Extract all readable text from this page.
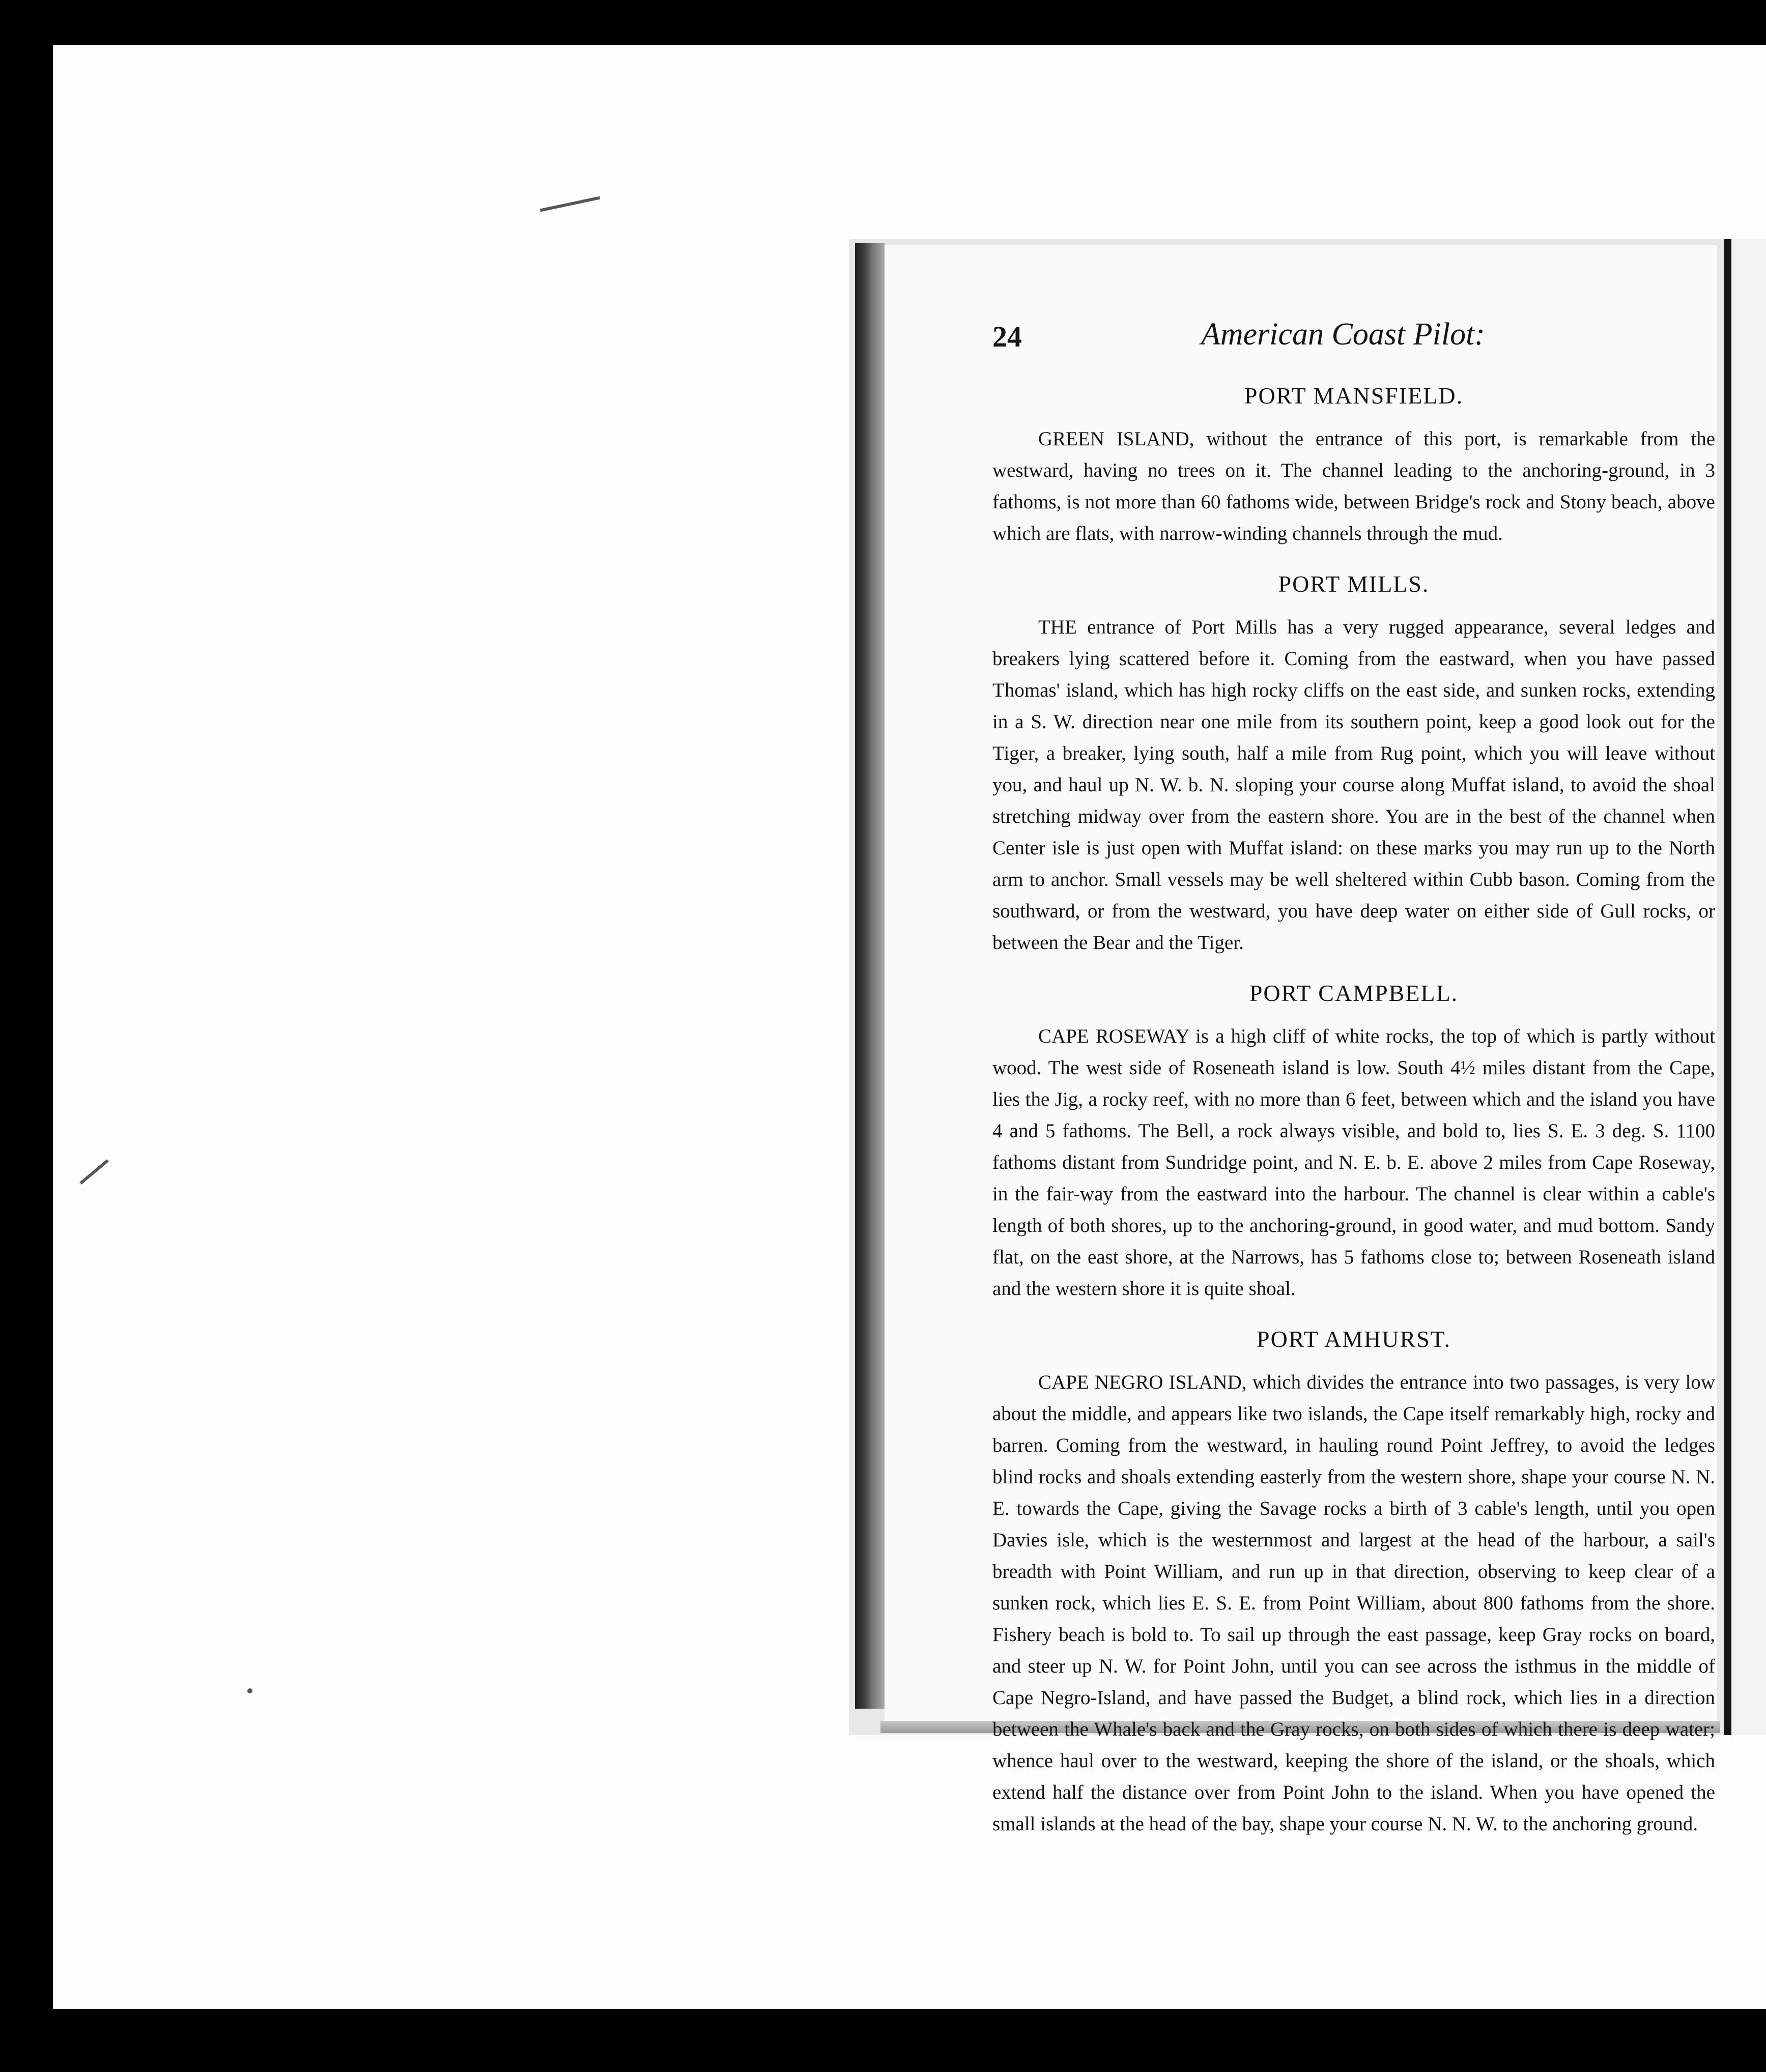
24	American Coast Pilot:
PORT MANSFIELD.

GREEN ISLAND, without the entrance of this port, is remarkable from the westward, having no trees on it. The channel leading to the anchoring-ground, in 3 fathoms, is not more than 60 fathoms wide, between Bridge's rock and Stony beach, above which are flats, with narrow-winding channels through the mud.

PORT MILLS.

THE entrance of Port Mills has a very rugged appearance, several ledges and breakers lying scattered before it. Coming from the eastward, when you have passed Thomas' island, which has high rocky cliffs on the east side, and sunken rocks, extending in a S. W. direction near one mile from its southern point, keep a good look out for the Tiger, a breaker, lying south, half a mile from Rug point, which you will leave without you, and haul up N. W. b. N. sloping your course along Muffat island, to avoid the shoal stretching midway over from the eastern shore. You are in the best of the channel when Center isle is just open with Muffat island: on these marks you may run up to the North arm to anchor. Small vessels may be well sheltered within Cubb bason. Coming from the southward, or from the westward, you have deep water on either side of Gull rocks, or between the Bear and the Tiger.

PORT CAMPBELL.

CAPE ROSEWAY is a high cliff of white rocks, the top of which is partly without wood. The west side of Roseneath island is low. South 4½ miles distant from the Cape, lies the Jig, a rocky reef, with no more than 6 feet, between which and the island you have 4 and 5 fathoms. The Bell, a rock always visible, and bold to, lies S. E. 3 deg. S. 1100 fathoms distant from Sundridge point, and N. E. b. E. above 2 miles from Cape Roseway, in the fair-way from the eastward into the harbour. The channel is clear within a cable's length of both shores, up to the anchoring-ground, in good water, and mud bottom. Sandy flat, on the east shore, at the Narrows, has 5 fathoms close to; between Roseneath island and the western shore it is quite shoal.

PORT AMHURST.

CAPE NEGRO ISLAND, which divides the entrance into two passages, is very low about the middle, and appears like two islands, the Cape itself remarkably high, rocky and barren. Coming from the westward, in hauling round Point Jeffrey, to avoid the ledges blind rocks and shoals extending easterly from the western shore, shape your course N. N. E. towards the Cape, giving the Savage rocks a birth of 3 cable's length, until you open Davies isle, which is the westernmost and largest at the head of the harbour, a sail's breadth with Point William, and run up in that direction, observing to keep clear of a sunken rock, which lies E. S. E. from Point William, about 800 fathoms from the shore. Fishery beach is bold to. To sail up through the east passage, keep Gray rocks on board, and steer up N. W. for Point John, until you can see across the isthmus in the middle of Cape Negro-Island, and have passed the Budget, a blind rock, which lies in a direction between the Whale's back and the Gray rocks, on both sides of which there is deep water; whence haul over to the westward, keeping the shore of the island, or the shoals, which extend half the distance over from Point John to the island. When you have opened the small islands at the head of the bay, shape your course N. N. W. to the anchoring ground.
